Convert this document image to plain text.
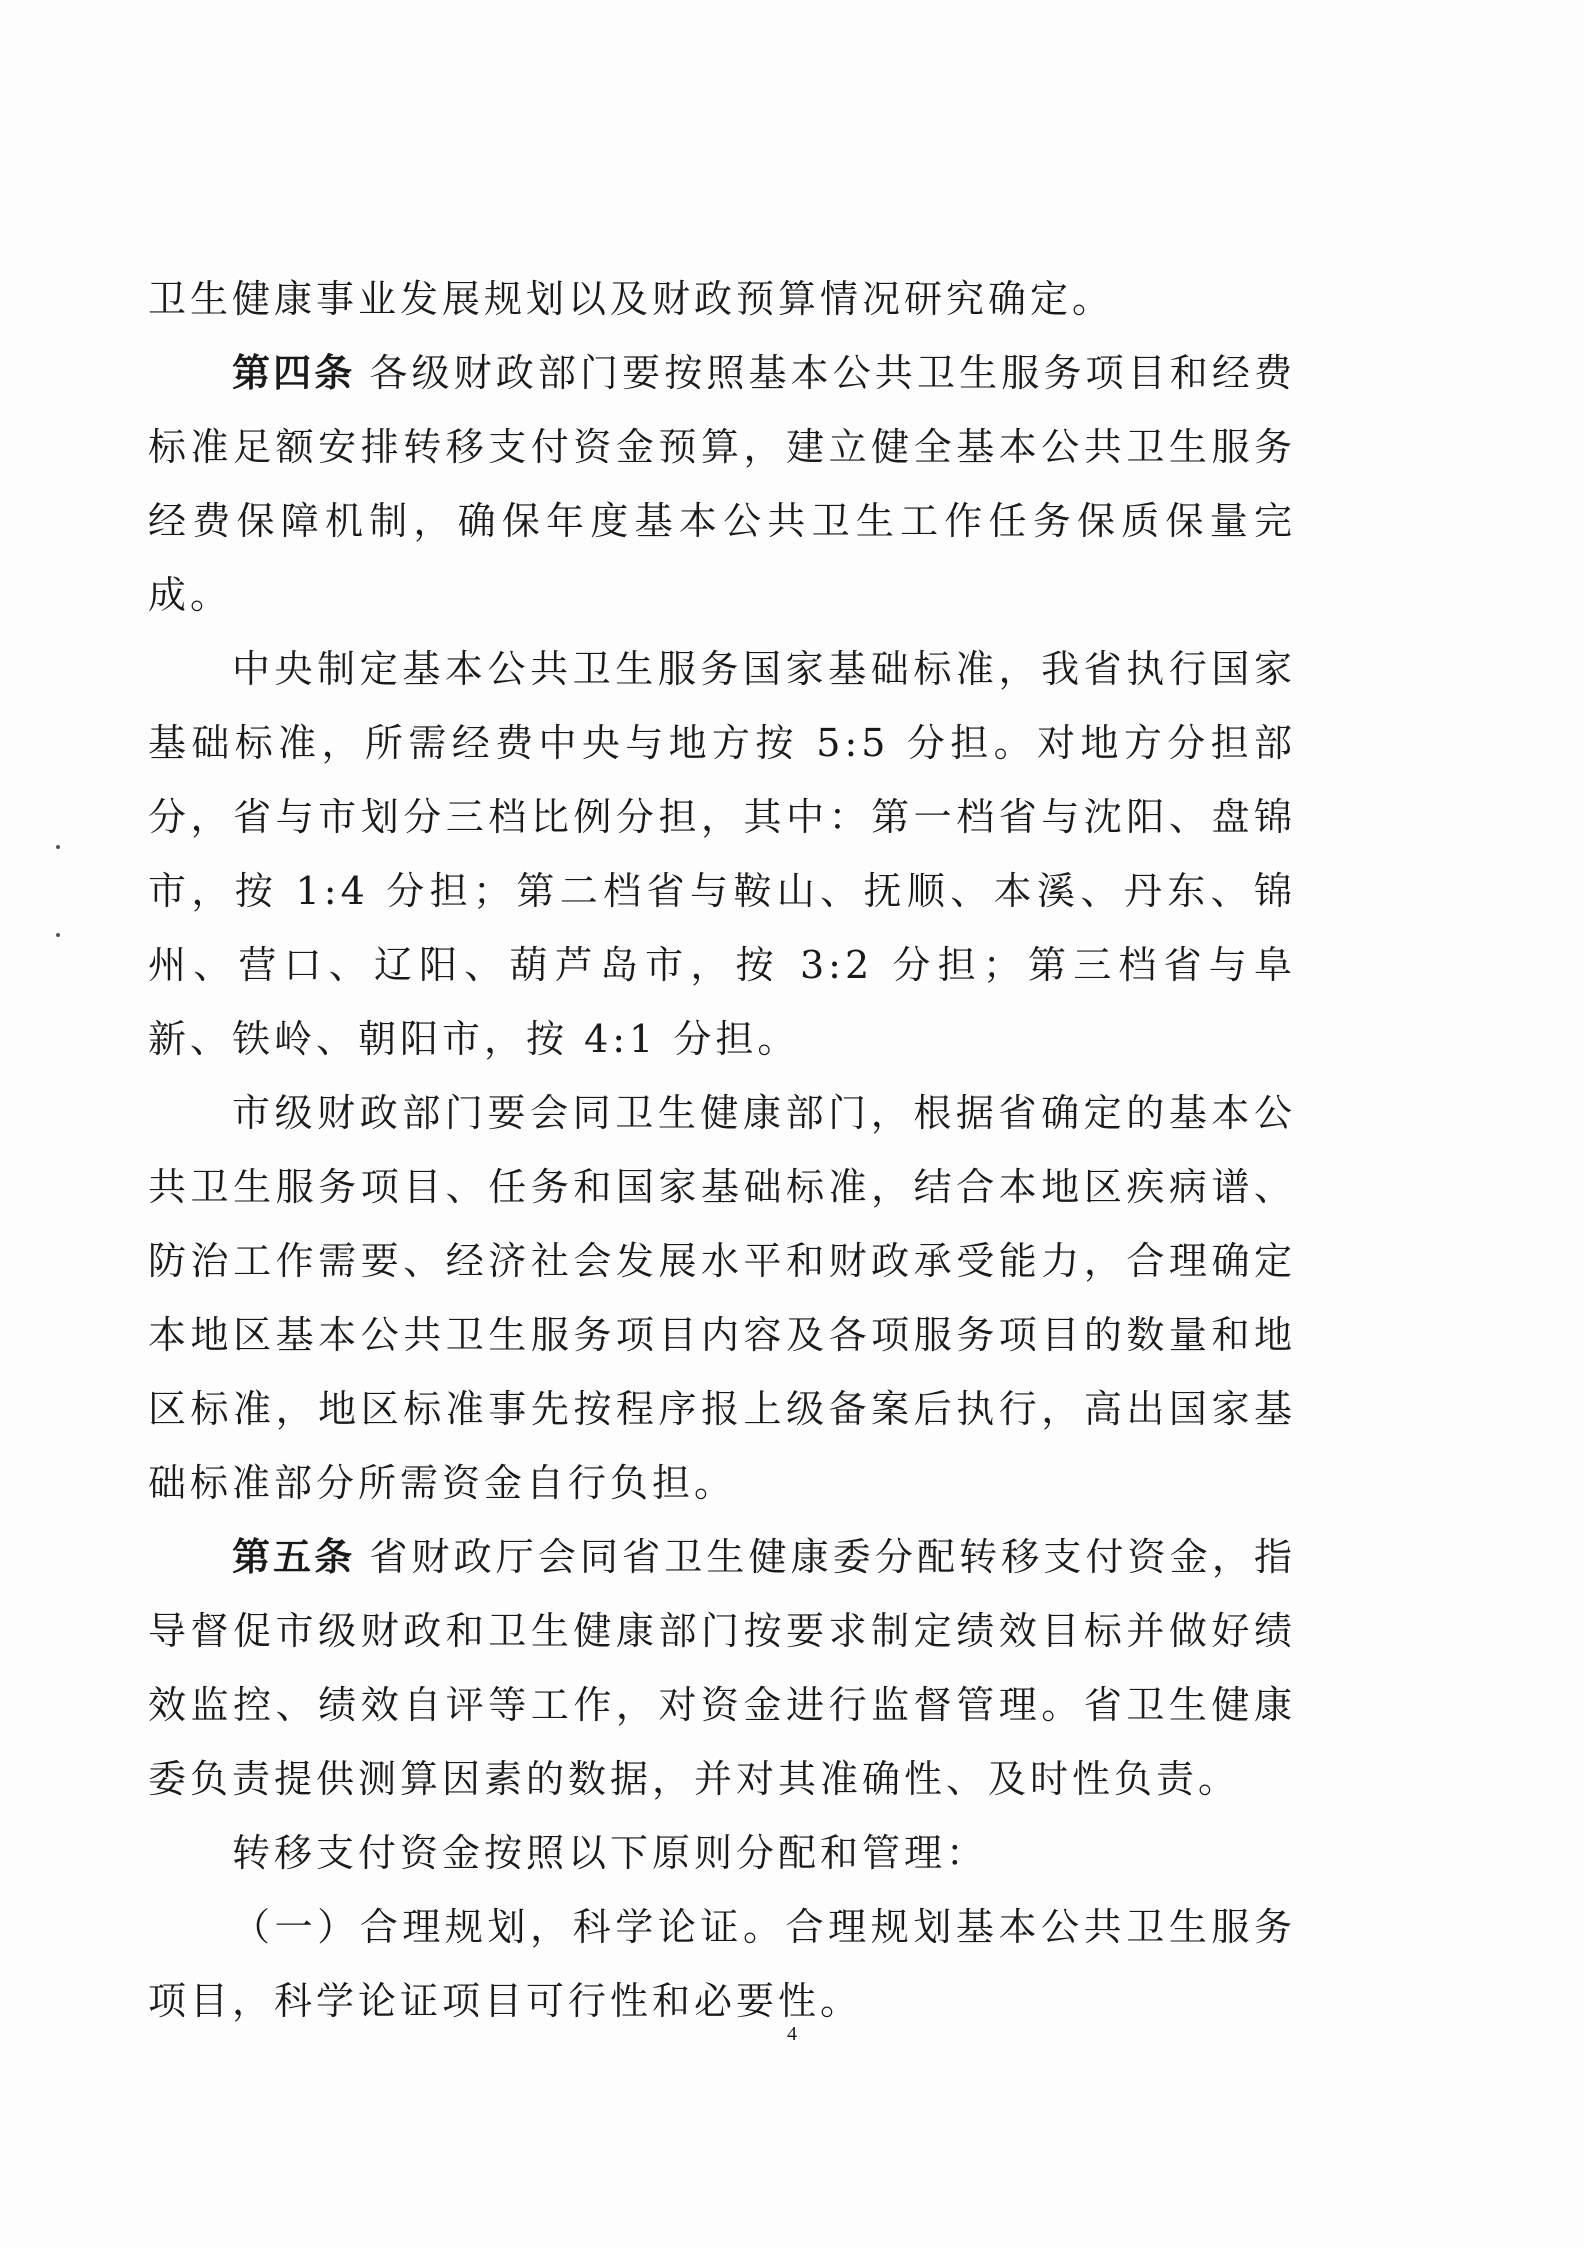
卫生健康事业发展规划以及财政预算情况研究确定。

第四条 各级财政部门要按照基本公共卫生服务项目和经费标准足额安排转移支付资金预算，建立健全基本公共卫生服务经费保障机制，确保年度基本公共卫生工作任务保质保量完成。

中央制定基本公共卫生服务国家基础标准，我省执行国家基础标准，所需经费中央与地方按 5:5 分担。对地方分担部分，省与市划分三档比例分担，其中：第一档省与沈阳、盘锦市，按 1:4 分担；第二档省与鞍山、抚顺、本溪、丹东、锦州、营口、辽阳、葫芦岛市，按 3:2 分担；第三档省与阜新、铁岭、朝阳市，按 4:1 分担。

市级财政部门要会同卫生健康部门，根据省确定的基本公共卫生服务项目、任务和国家基础标准，结合本地区疾病谱、防治工作需要、经济社会发展水平和财政承受能力，合理确定本地区基本公共卫生服务项目内容及各项服务项目的数量和地区标准，地区标准事先按程序报上级备案后执行，高出国家基础标准部分所需资金自行负担。

第五条 省财政厅会同省卫生健康委分配转移支付资金，指导督促市级财政和卫生健康部门按要求制定绩效目标并做好绩效监控、绩效自评等工作，对资金进行监督管理。省卫生健康委负责提供测算因素的数据，并对其准确性、及时性负责。

转移支付资金按照以下原则分配和管理：

（一）合理规划，科学论证。合理规划基本公共卫生服务项目，科学论证项目可行性和必要性。

4
